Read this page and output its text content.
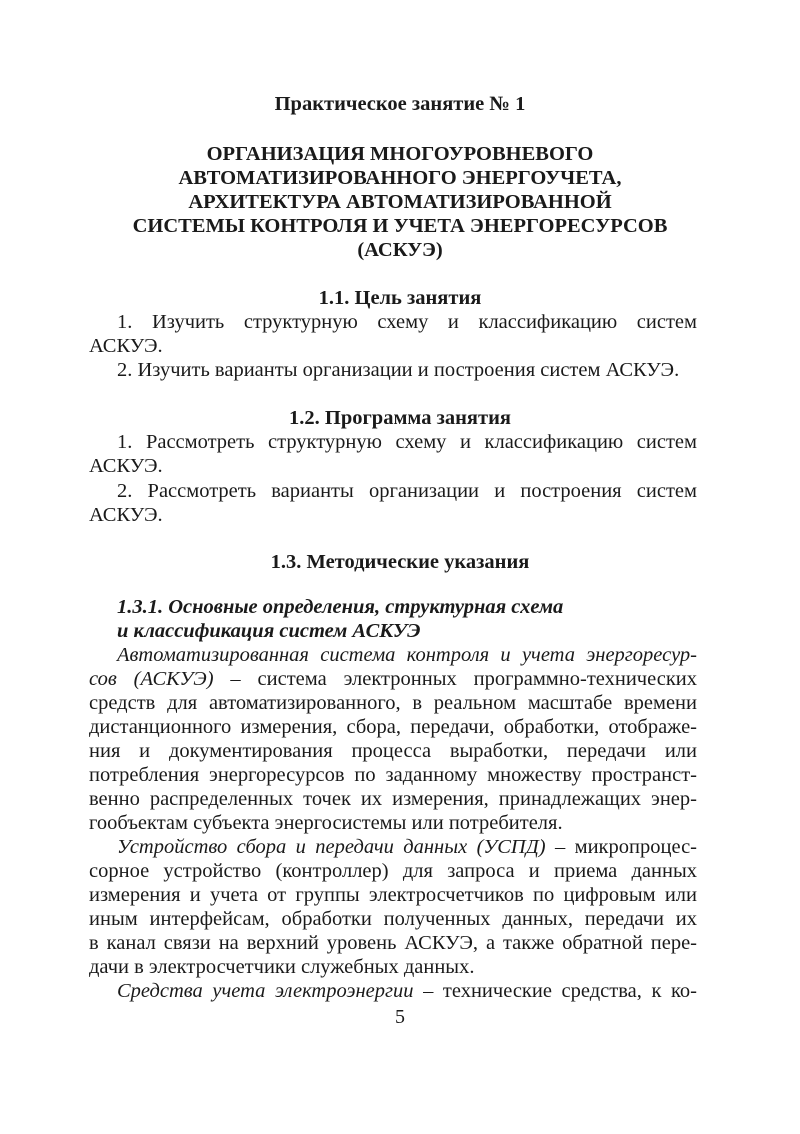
Практическое занятие № 1
ОРГАНИЗАЦИЯ МНОГОУРОВНЕВОГО
АВТОМАТИЗИРОВАННОГО ЭНЕРГОУЧЕТА,
АРХИТЕКТУРА АВТОМАТИЗИРОВАННОЙ
СИСТЕМЫ КОНТРОЛЯ И УЧЕТА ЭНЕРГОРЕСУРСОВ
(АСКУЭ)
1.1. Цель занятия
1. Изучить структурную схему и классификацию систем
АСКУЭ.
2. Изучить варианты организации и построения систем АСКУЭ.
1.2. Программа занятия
1. Рассмотреть структурную схему и классификацию систем
АСКУЭ.
2. Рассмотреть варианты организации и построения систем
АСКУЭ.
1.3. Методические указания
1.3.1. Основные определения, структурная схема
и классификация систем АСКУЭ
Автоматизированная система контроля и учета энергоресур-
сов (АСКУЭ) – система электронных программно-технических
средств для автоматизированного, в реальном масштабе времени
дистанционного измерения, сбора, передачи, обработки, отображе-
ния и документирования процесса выработки, передачи или
потребления энергоресурсов по заданному множеству пространст-
венно распределенных точек их измерения, принадлежащих энер-
гообъектам субъекта энергосистемы или потребителя.
Устройство сбора и передачи данных (УСПД) – микропроцес-
сорное устройство (контроллер) для запроса и приема данных
измерения и учета от группы электросчетчиков по цифровым или
иным интерфейсам, обработки полученных данных, передачи их
в канал связи на верхний уровень АСКУЭ, а также обратной пере-
дачи в электросчетчики служебных данных.
Средства учета электроэнергии – технические средства, к ко-
5
